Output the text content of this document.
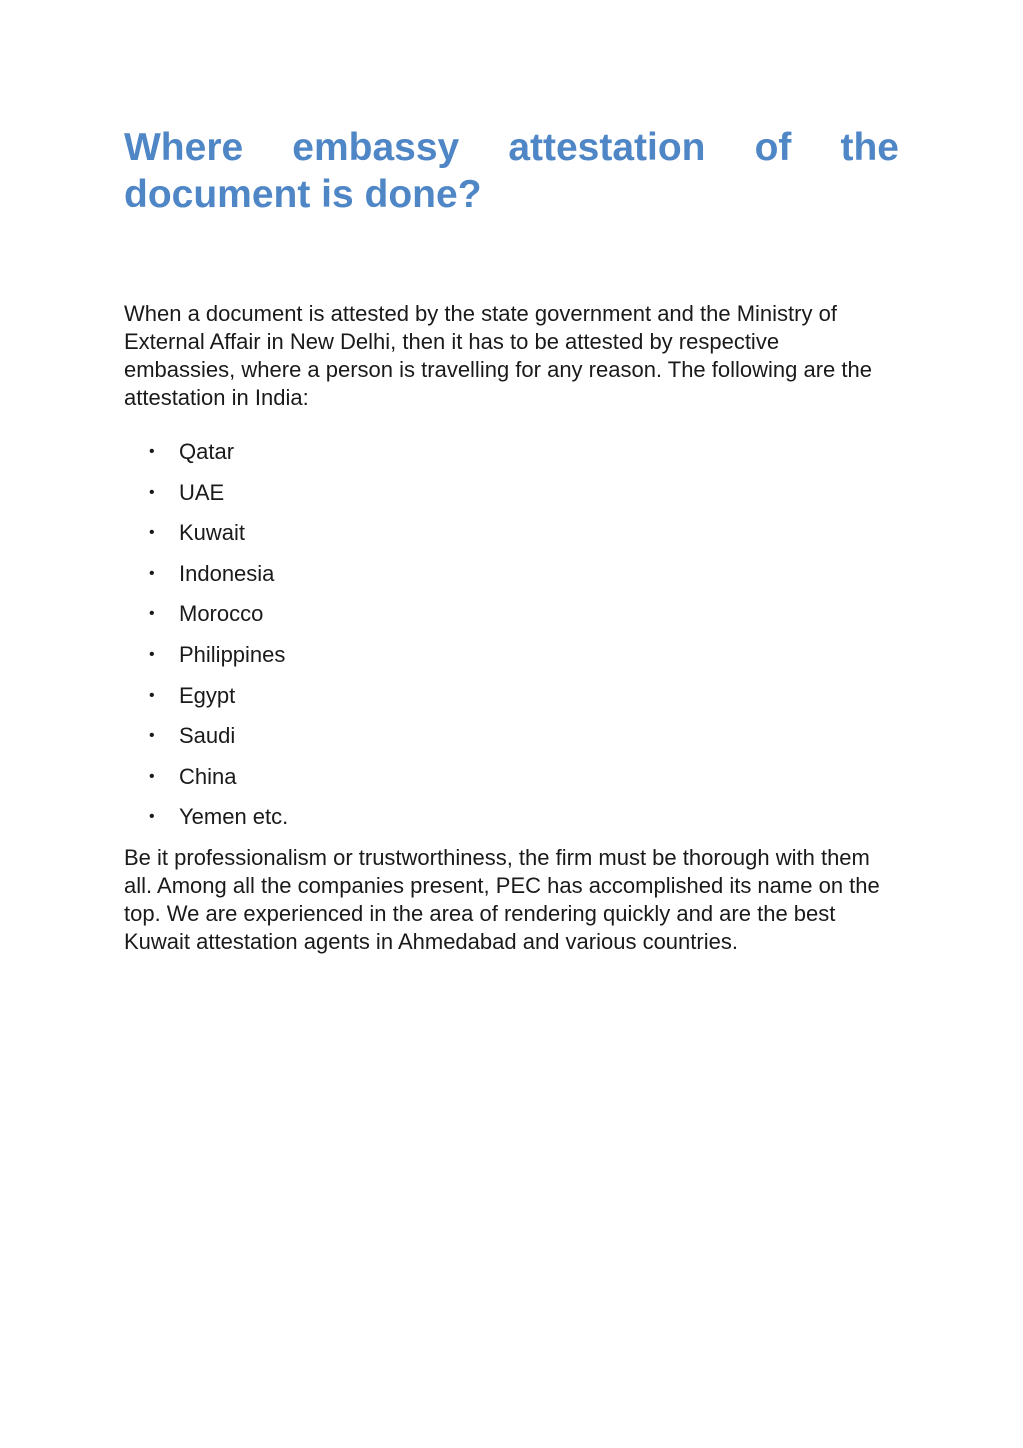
Where embassy attestation of the document is done?

When a document is attested by the state government and the Ministry of External Affair in New Delhi, then it has to be attested by respective embassies, where a person is travelling for any reason. The following are the attestation in India:

• Qatar
• UAE
• Kuwait
• Indonesia
• Morocco
• Philippines
• Egypt
• Saudi
• China
• Yemen etc.

Be it professionalism or trustworthiness, the firm must be thorough with them all. Among all the companies present, PEC has accomplished its name on the top. We are experienced in the area of rendering quickly and are the best Kuwait attestation agents in Ahmedabad and various countries.
